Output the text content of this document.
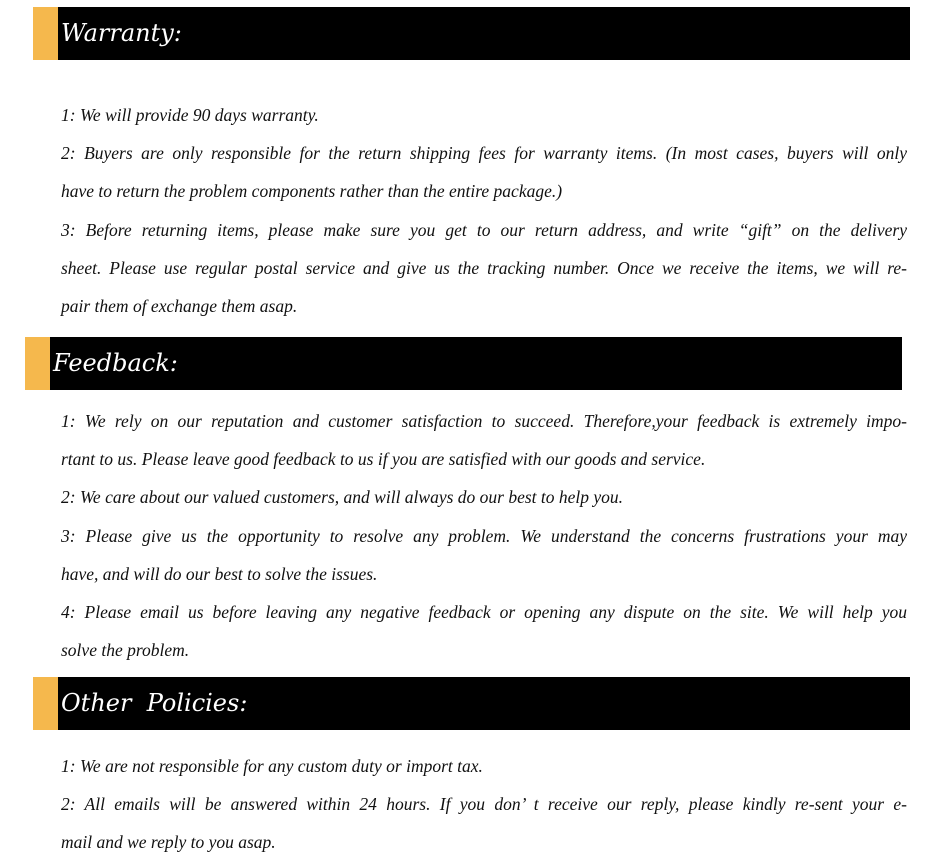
Warranty:
1: We will provide 90 days warranty.
2: Buyers are only responsible for the return shipping fees for warranty items. (In most cases, buyers will only
have to return the problem components rather than the entire package.)
3: Before returning items, please make sure you get to our return address, and write “gift” on the delivery
sheet. Please use regular postal service and give us the tracking number. Once we receive the items, we will re-
pair them of exchange them asap.
Feedback:
1: We rely on our reputation and customer satisfaction to succeed. Therefore,your feedback is extremely impo-
rtant to us. Please leave good feedback to us if you are satisfied with our goods and service.
2: We care about our valued customers, and will always do our best to help you.
3: Please give us the opportunity to resolve any problem. We understand the concerns frustrations your may
have, and will do our best to solve the issues.
4: Please email us before leaving any negative feedback or opening any dispute on the site. We will help you
solve the problem.
Other  Policies:
1: We are not responsible for any custom duty or import tax.
2: All emails will be answered within 24 hours. If you don’ t receive our reply, please kindly re-sent your e-
mail and we reply to you asap.
